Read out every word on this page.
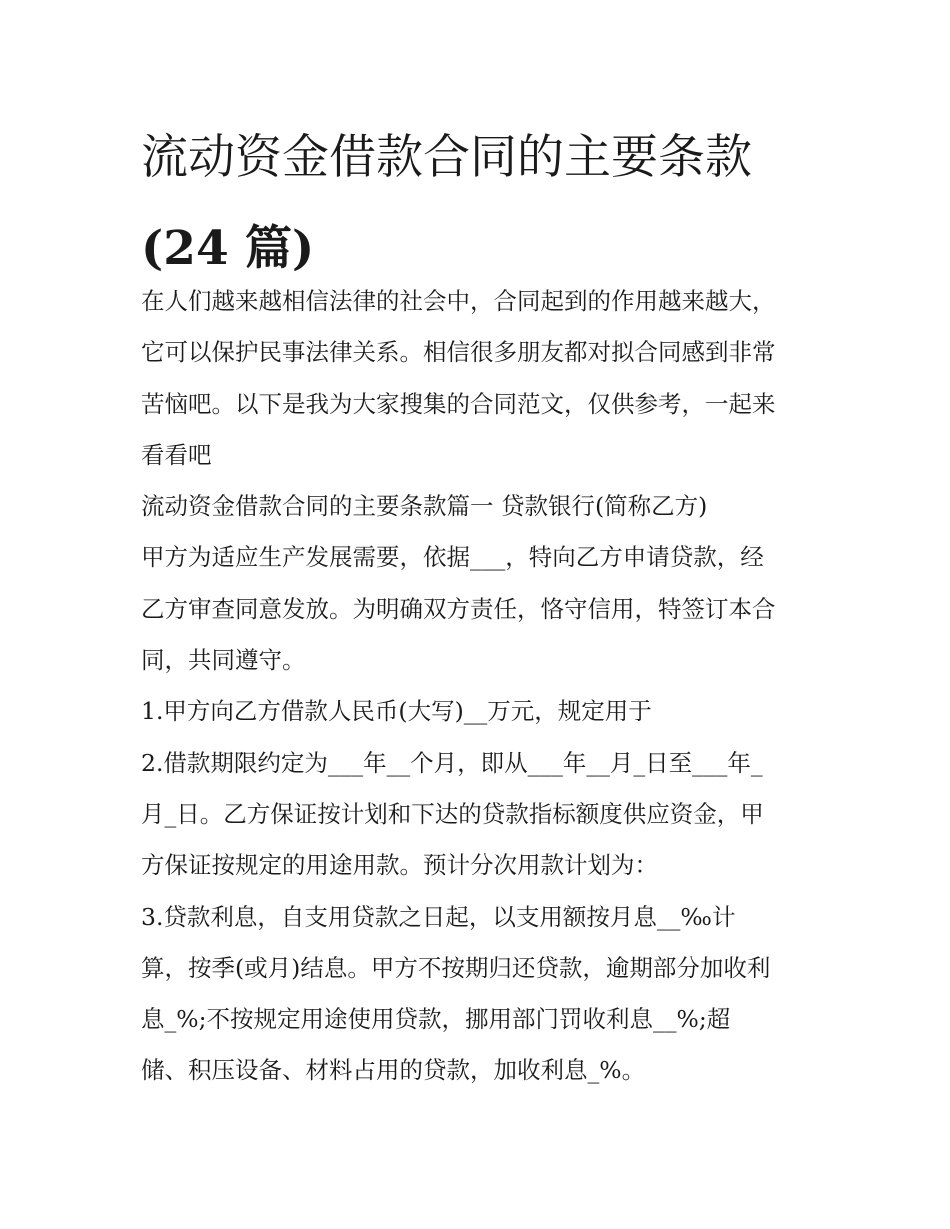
流动资金借款合同的主要条款
(24 篇)
在人们越来越相信法律的社会中，合同起到的作用越来越大，
它可以保护民事法律关系。相信很多朋友都对拟合同感到非常
苦恼吧。以下是我为大家搜集的合同范文，仅供参考，一起来
看看吧
流动资金借款合同的主要条款篇一 贷款银行(简称乙方)
甲方为适应生产发展需要，依据___，特向乙方申请贷款，经
乙方审查同意发放。为明确双方责任，恪守信用，特签订本合
同，共同遵守。
1.甲方向乙方借款人民币(大写)__万元，规定用于
2.借款期限约定为___年__个月，即从___年__月_日至___年_
月_日。乙方保证按计划和下达的贷款指标额度供应资金，甲
方保证按规定的用途用款。预计分次用款计划为：
3.贷款利息，自支用贷款之日起，以支用额按月息__‰计
算，按季(或月)结息。甲方不按期归还贷款，逾期部分加收利
息_%;不按规定用途使用贷款，挪用部门罚收利息__%;超
储、积压设备、材料占用的贷款，加收利息_%。
